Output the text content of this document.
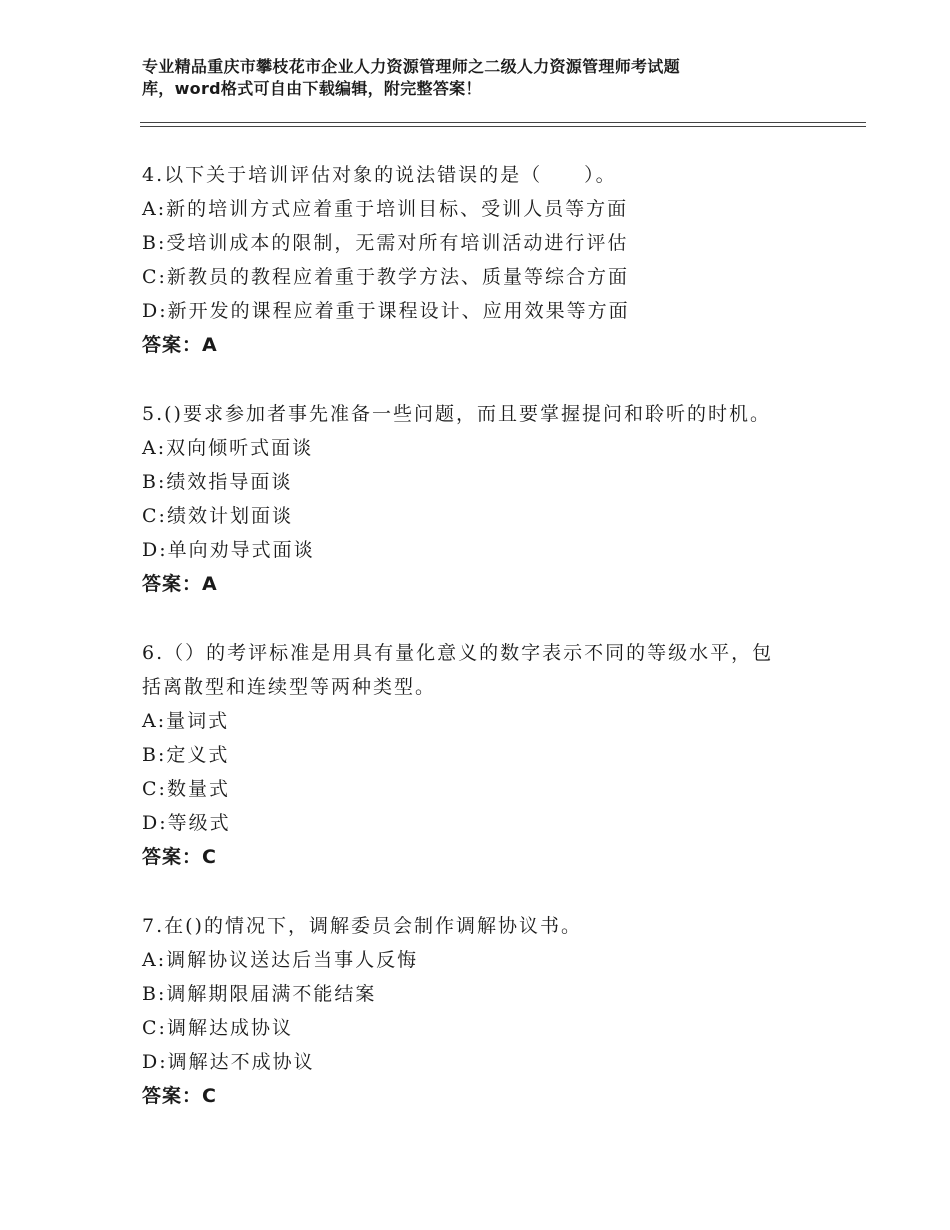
专业精品重庆市攀枝花市企业人力资源管理师之二级人力资源管理师考试题
库，word格式可自由下载编辑，附完整答案！
4.以下关于培训评估对象的说法错误的是（　　）。
A:新的培训方式应着重于培训目标、受训人员等方面
B:受培训成本的限制，无需对所有培训活动进行评估
C:新教员的教程应着重于教学方法、质量等综合方面
D:新开发的课程应着重于课程设计、应用效果等方面
答案：A
5.()要求参加者事先准备一些问题，而且要掌握提问和聆听的时机。
A:双向倾听式面谈
B:绩效指导面谈
C:绩效计划面谈
D:单向劝导式面谈
答案：A
6.（）的考评标准是用具有量化意义的数字表示不同的等级水平，包
括离散型和连续型等两种类型。
A:量词式
B:定义式
C:数量式
D:等级式
答案：C
7.在()的情况下，调解委员会制作调解协议书。
A:调解协议送达后当事人反悔
B:调解期限届满不能结案
C:调解达成协议
D:调解达不成协议
答案：C
